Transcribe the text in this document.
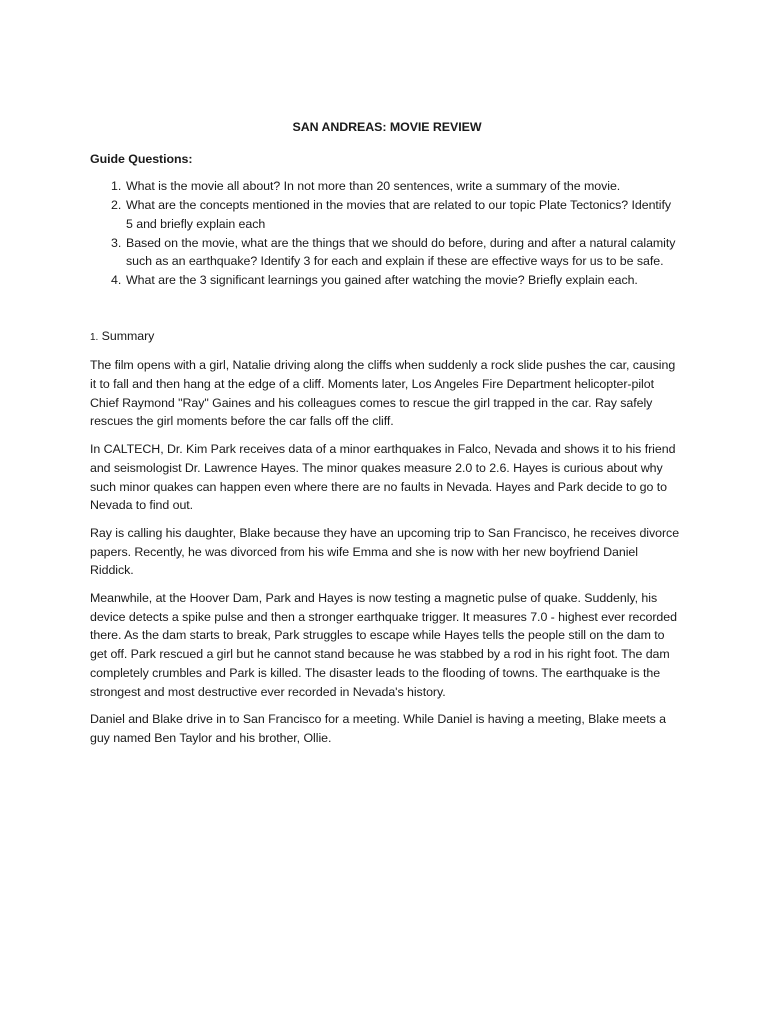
SAN ANDREAS: MOVIE REVIEW
Guide Questions:
1. What is the movie all about? In not more than 20 sentences, write a summary of the movie.
2. What are the concepts mentioned in the movies that are related to our topic Plate Tectonics? Identify 5 and briefly explain each
3. Based on the movie, what are the things that we should do before, during and after a natural calamity such as an earthquake? Identify 3 for each and explain if these are effective ways for us to be safe.
4. What are the 3 significant learnings you gained after watching the movie? Briefly explain each.
1. Summary

The film opens with a girl, Natalie driving along the cliffs when suddenly a rock slide pushes the car, causing it to fall and then hang at the edge of a cliff. Moments later, Los Angeles Fire Department helicopter-pilot Chief Raymond "Ray" Gaines and his colleagues comes to rescue the girl trapped in the car. Ray safely rescues the girl moments before the car falls off the cliff.

In CALTECH, Dr. Kim Park receives data of a minor earthquakes in Falco, Nevada and shows it to his friend and seismologist Dr. Lawrence Hayes. The minor quakes measure 2.0 to 2.6. Hayes is curious about why such minor quakes can happen even where there are no faults in Nevada. Hayes and Park decide to go to Nevada to find out.

Ray is calling his daughter, Blake because they have an upcoming trip to San Francisco, he receives divorce papers. Recently, he was divorced from his wife Emma and she is now with her new boyfriend Daniel Riddick.

Meanwhile, at the Hoover Dam, Park and Hayes is now testing a magnetic pulse of quake. Suddenly, his device detects a spike pulse and then a stronger earthquake trigger. It measures 7.0 - highest ever recorded there. As the dam starts to break, Park struggles to escape while Hayes tells the people still on the dam to get off. Park rescued a girl but he cannot stand because he was stabbed by a rod in his right foot. The dam completely crumbles and Park is killed. The disaster leads to the flooding of towns. The earthquake is the strongest and most destructive ever recorded in Nevada's history.

Daniel and Blake drive in to San Francisco for a meeting. While Daniel is having a meeting, Blake meets a guy named Ben Taylor and his brother, Ollie.
